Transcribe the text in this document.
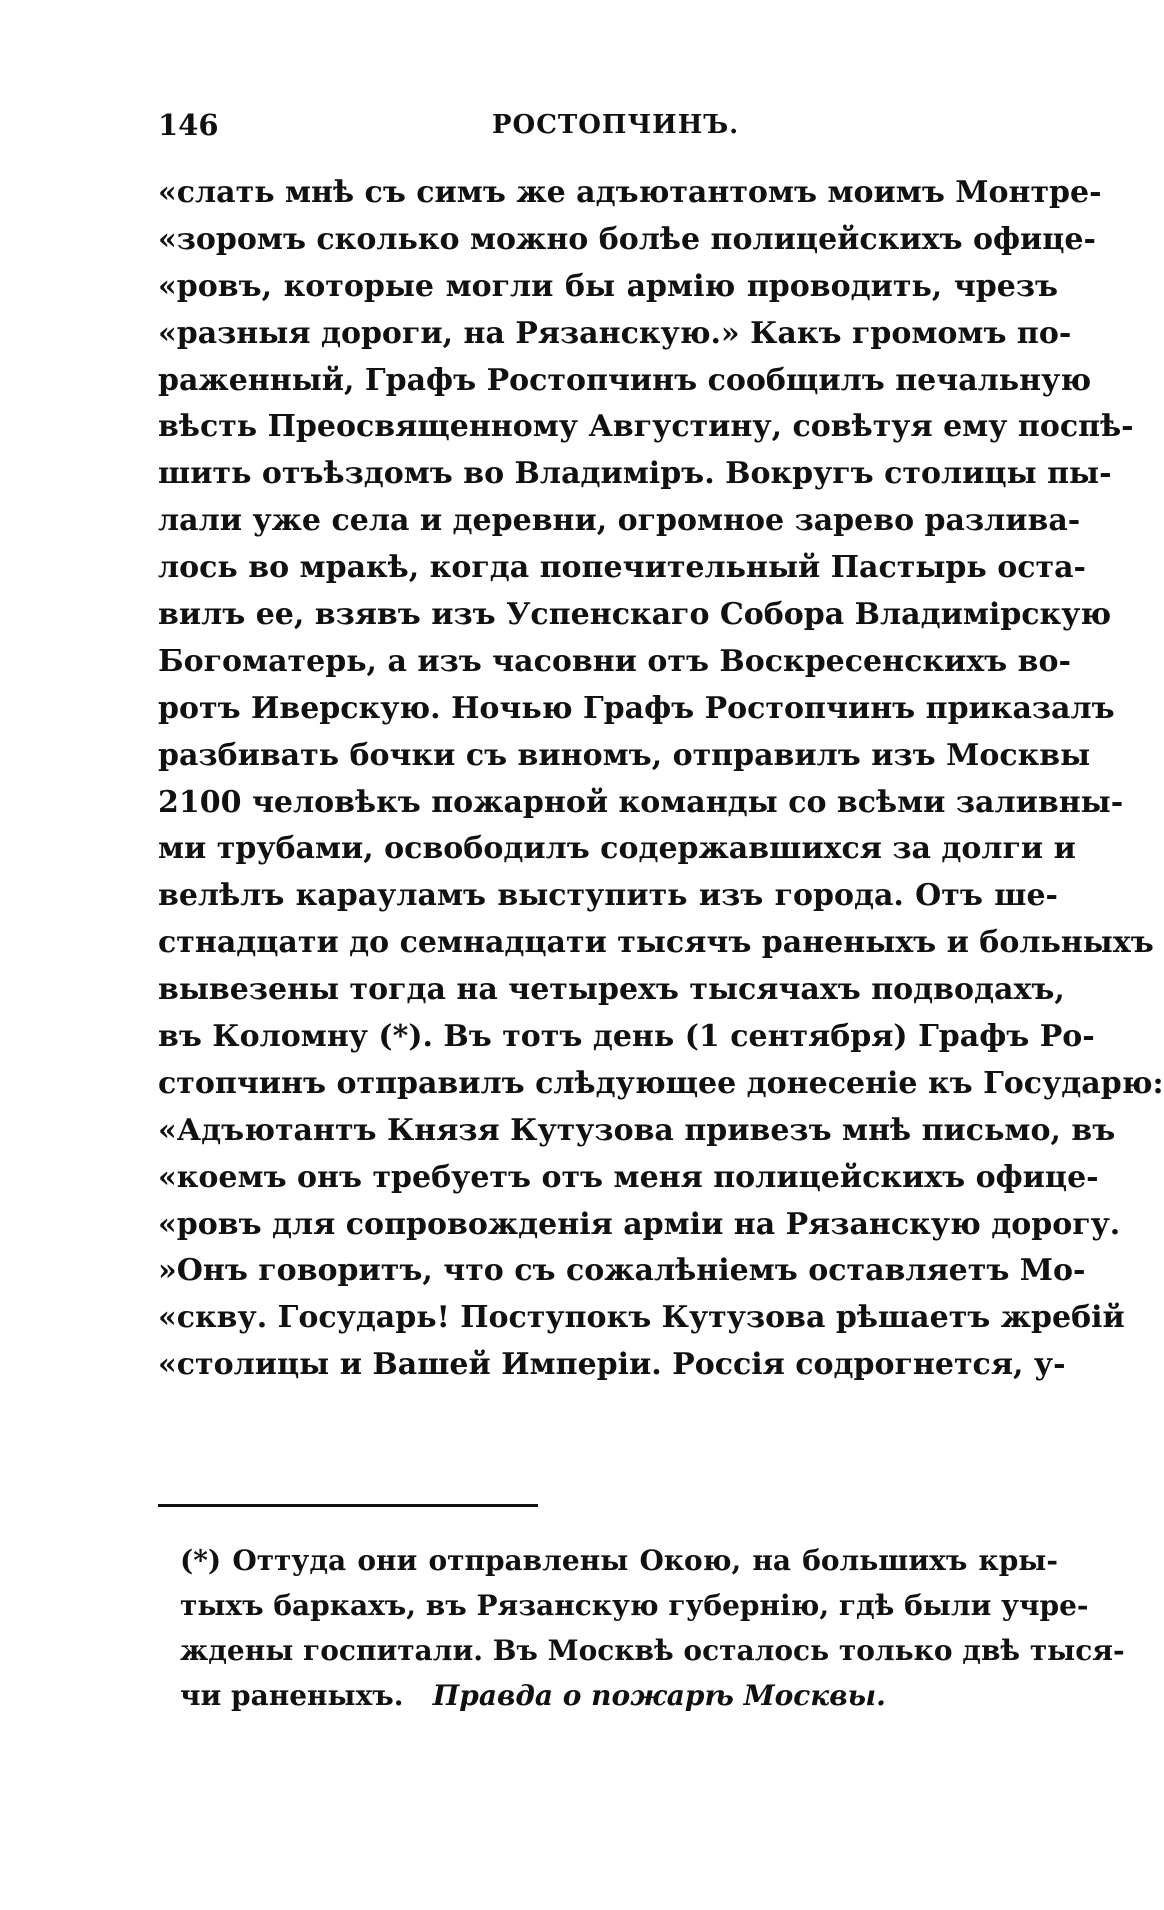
146	РОСТОПЧИНЪ.
«слать мнѣ съ симъ же адъютантомъ моимъ Монтре-
«зоромъ сколько можно болѣе полицейскихъ офице-
«ровъ, которые могли бы армію проводить, чрезъ
«разныя дороги, на Рязанскую.» Какъ громомъ по-
раженный, Графъ Ростопчинъ сообщилъ печальную
вѣсть Преосвященному Августину, совѣтуя ему поспѣ-
шить отъѣздомъ во Владиміръ. Вокругъ столицы пы-
лали уже села и деревни, огромное зарево разлива-
лось во мракѣ, когда попечительный Пастырь оста-
вилъ ее, взявъ изъ Успенскаго Собора Владимірскую
Богоматерь, а изъ часовни отъ Воскресенскихъ во-
ротъ Иверскую. Ночью Графъ Ростопчинъ приказалъ
разбивать бочки съ виномъ, отправилъ изъ Москвы
2100 человѣкъ пожарной команды со всѣми заливны-
ми трубами, освободилъ содержавшихся за долги и
велѣлъ карауламъ выступить изъ города. Отъ ше-
стнадцати до семнадцати тысячъ раненыхъ и больныхъ
вывезены тогда на четырехъ тысячахъ подводахъ,
въ Коломну (*). Въ тотъ день (1 сентября) Графъ Ро-
стопчинъ отправилъ слѣдующее донесеніе къ Государю:
«Адъютантъ Князя Кутузова привезъ мнѣ письмо, въ
«коемъ онъ требуетъ отъ меня полицейскихъ офице-
«ровъ для сопровожденія арміи на Рязанскую дорогу.
»Онъ говоритъ, что съ сожалѣніемъ оставляетъ Мо-
«скву. Государь! Поступокъ Кутузова рѣшаетъ жребій
«столицы и Вашей Имперіи. Россія содрогнется, у-
(*) Оттуда они отправлены Окою, на большихъ кры-
тыхъ баркахъ, въ Рязанскую губернію, гдѣ были учре-
ждены госпитали. Въ Москвѣ осталось только двѣ тыся-
чи раненыхъ. Правда о пожарѣ Москвы.
